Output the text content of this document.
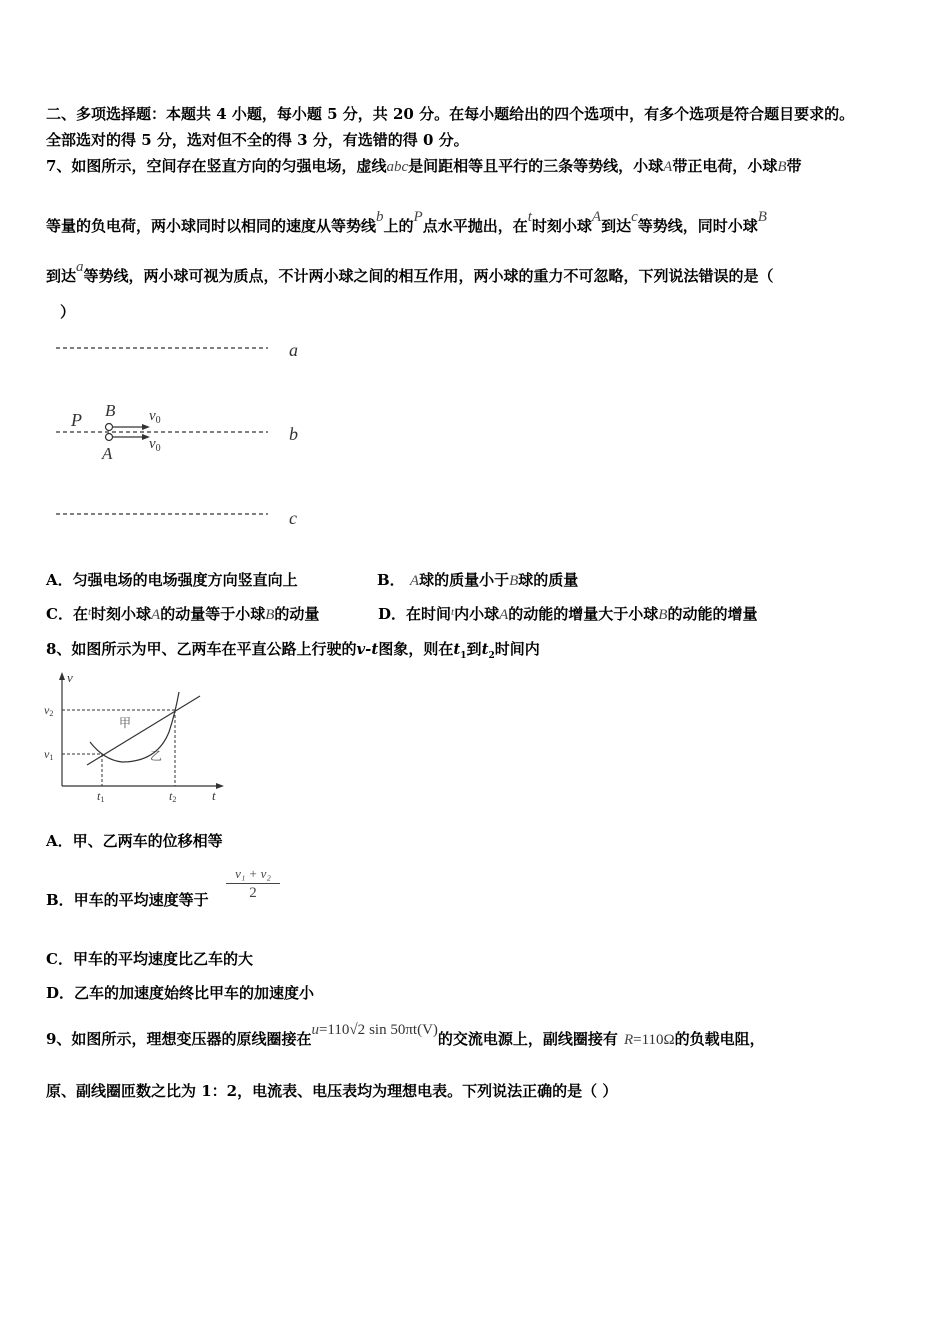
二、多项选择题：本题共 4 小题，每小题 5 分，共 20 分。在每小题给出的四个选项中，有多个选项是符合题目要求的。
全部选对的得 5 分，选对但不全的得 3 分，有选错的得 0 分。
7、如图所示，空间存在竖直方向的匀强电场，虚线abc是间距相等且平行的三条等势线，小球A带正电荷，小球B带
等量的负电荷，两小球同时以相同的速度从等势线b上的P点水平抛出，在t时刻小球A到达c等势线，同时小球B
到达a等势线，两小球可视为质点，不计两小球之间的相互作用，两小球的重力不可忽略，下列说法错误的是（
）
a
b
c
P B
A
$v_0$
$v_0$
A．匀强电场的电场强度方向竖直向上	B． A球的质量小于B球的质量
C．在$^t$时刻小球A的动量等于小球B的动量	D．在时间$^t$内小球A的动能的增量大于小球B的动能的增量
8、如图所示为甲、乙两车在平直公路上行驶的v-t图象，则在$t_1$到$t_2$时间内
v
t
v2
v1
t1	t2
甲
乙
A．甲、乙两车的位移相等
B．甲车的平均速度等于 $\frac{\text{v₁ + v₂}}{2}$
C．甲车的平均速度比乙车的大
D．乙车的加速度始终比甲车的加速度小
9、如图所示，理想变压器的原线圈接在u=110√2 sin 50πt(V)的交流电源上，副线圈接有 R=110Ω的负载电阻，
原、副线圈匝数之比为 1：2，电流表、电压表均为理想电表。下列说法正确的是（ ）
